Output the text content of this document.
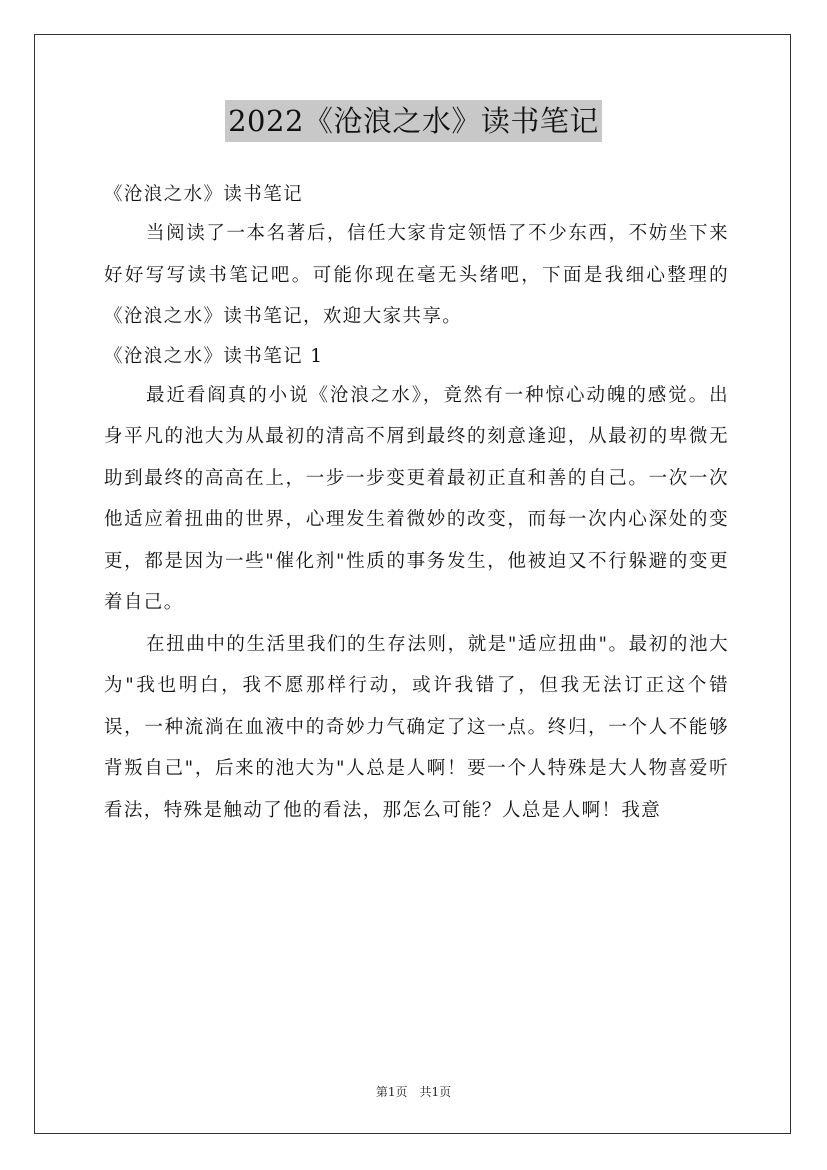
2022《沧浪之水》读书笔记

《沧浪之水》读书笔记

当阅读了一本名著后，信任大家肯定领悟了不少东西，不妨坐下来好好写写读书笔记吧。可能你现在毫无头绪吧，下面是我细心整理的《沧浪之水》读书笔记，欢迎大家共享。

《沧浪之水》读书笔记 1

最近看阎真的小说《沧浪之水》，竟然有一种惊心动魄的感觉。出身平凡的池大为从最初的清高不屑到最终的刻意逢迎，从最初的卑微无助到最终的高高在上，一步一步变更着最初正直和善的自己。一次一次他适应着扭曲的世界，心理发生着微妙的改变，而每一次内心深处的变更，都是因为一些"催化剂"性质的事务发生，他被迫又不行躲避的变更着自己。

在扭曲中的生活里我们的生存法则，就是"适应扭曲"。最初的池大为"我也明白，我不愿那样行动，或许我错了，但我无法订正这个错误，一种流淌在血液中的奇妙力气确定了这一点。终归，一个人不能够背叛自己"，后来的池大为"人总是人啊！要一个人特殊是大人物喜爱听看法，特殊是触动了他的看法，那怎么可能？人总是人啊！我意

第1页　共1页
